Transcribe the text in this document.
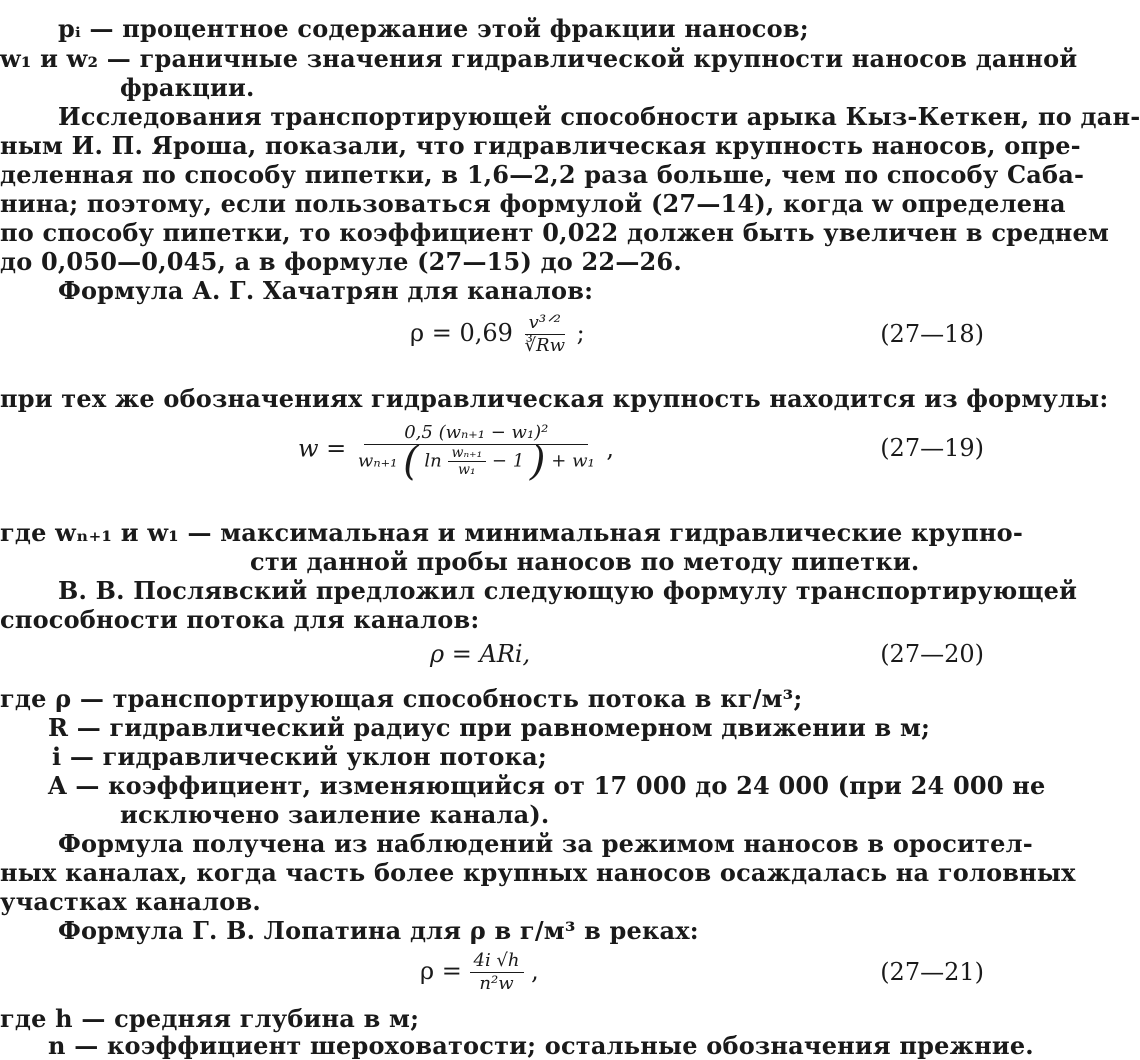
pᵢ — процентное содержание этой фракции наносов;
w₁ и w₂ — граничные значения гидравлической крупности наносов данной
фракции.
Исследования транспортирующей способности арыка Кыз-Кеткен, по дан-
ным И. П. Яроша, показали, что гидравлическая крупность наносов, опре-
деленная по способу пипетки, в 1,6—2,2 раза больше, чем по способу Саба-
нина; поэтому, если пользоваться формулой (27—14), когда w определена
по способу пипетки, то коэффициент 0,022 должен быть увеличен в среднем
до 0,050—0,045, а в формуле (27—15) до 22—26.
Формула А. Г. Хачатрян для каналов:
$\rho = 0,69 \frac{\text{v³ᐟ²}}{∛Rw}$ ;	(27—18)
при тех же обозначениях гидравлическая крупность находится из формулы:
w =
0,5 (wₙ₊₁ − w₁)²
wₙ₊₁ ( $\ln \frac{\text{wₙ₊₁}}{\text{w₁}} - 1$ ) + w₁ ,	(27—19)
где wₙ₊₁ и w₁ — максимальная и минимальная гидравлические крупно-
сти данной пробы наносов по методу пипетки.
В. В. Послявский предложил следующую формулу транспортирующей
способности потока для каналов:
ρ = ARi,	(27—20)
где ρ — транспортирующая способность потока в кг/м³;
R — гидравлический радиус при равномерном движении в м;
i — гидравлический уклон потока;
A — коэффициент, изменяющийся от 17 000 до 24 000 (при 24 000 не
исключено заиление канала).
Формула получена из наблюдений за режимом наносов в оросител-
ных каналах, когда часть более крупных наносов осаждалась на головных
участках каналов.
Формула Г. В. Лопатина для ρ в г/м³ в реках:
$\rho = \frac{4i √h}{\text{n²w}}$ ,	(27—21)
где h — средняя глубина в м;
n — коэффициент шероховатости; остальные обозначения прежние.
